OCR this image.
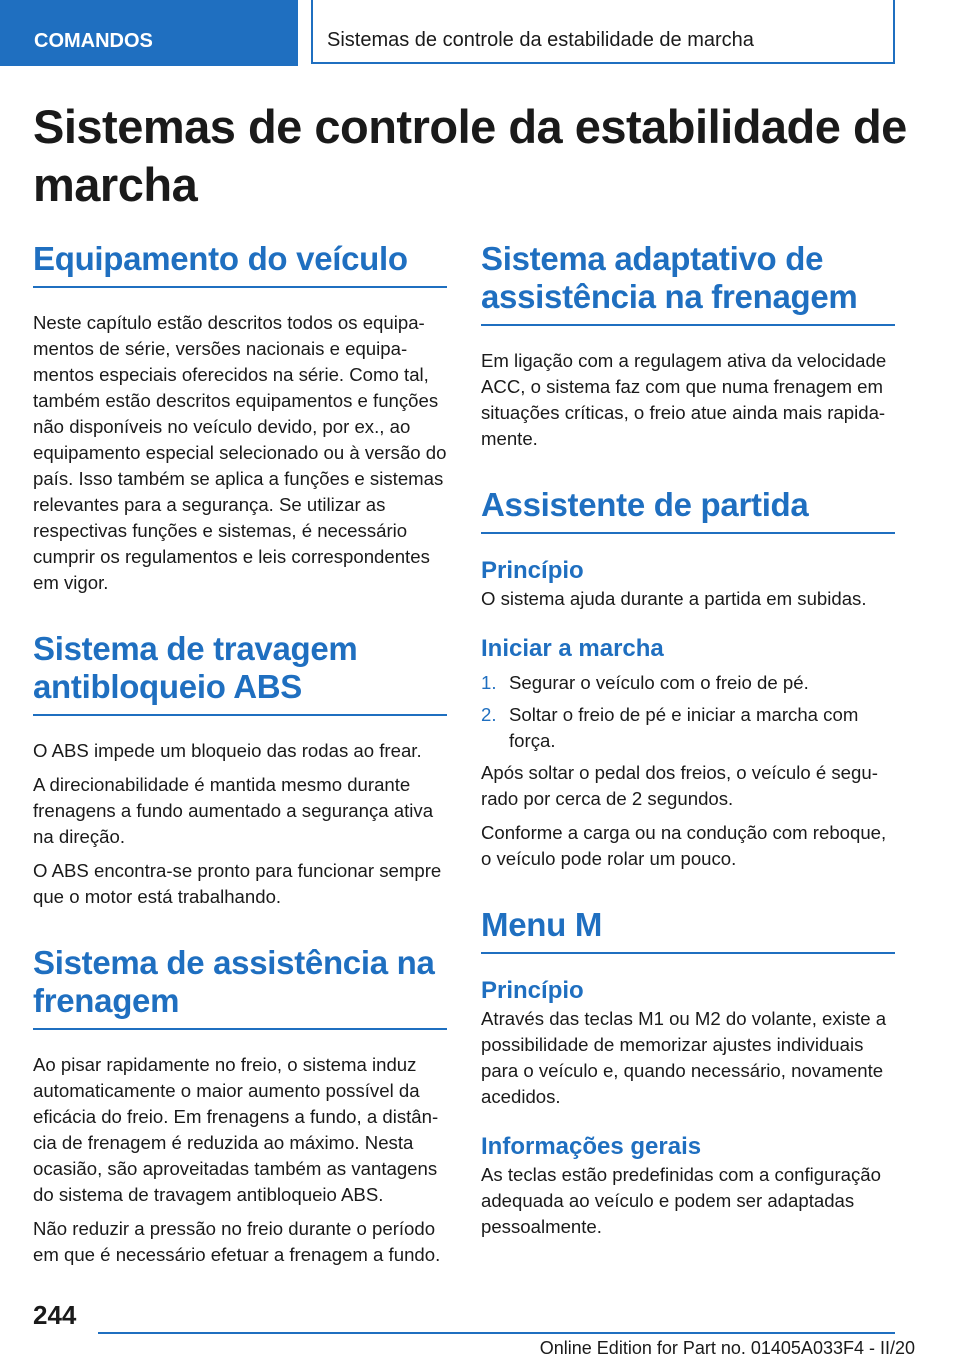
COMANDOS	Sistemas de controle da estabilidade de marcha
Sistemas de controle da estabilidade de marcha
Equipamento do veículo

Neste capítulo estão descritos todos os equipamentos de série, versões nacionais e equipamentos especiais oferecidos na série. Como tal, também estão descritos equipamentos e funções não disponíveis no veículo devido, por ex., ao equipamento especial selecionado ou à versão do país. Isso também se aplica a funções e sistemas relevantes para a segurança. Se utilizar as respectivas funções e sistemas, é necessário cumprir os regulamentos e leis correspondentes em vigor.

Sistema de travagem antibloqueio ABS

O ABS impede um bloqueio das rodas ao frear.

A direcionabilidade é mantida mesmo durante frenagens a fundo aumentado a segurança ativa na direção.

O ABS encontra-se pronto para funcionar sempre que o motor está trabalhando.

Sistema de assistência na frenagem

Ao pisar rapidamente no freio, o sistema induz automaticamente o maior aumento possível da eficácia do freio. Em frenagens a fundo, a distância de frenagem é reduzida ao máximo. Nesta ocasião, são aproveitadas também as vantagens do sistema de travagem antibloqueio ABS.

Não reduzir a pressão no freio durante o período em que é necessário efetuar a frenagem a fundo.

Sistema adaptativo de assistência na frenagem

Em ligação com a regulagem ativa da velocidade ACC, o sistema faz com que numa frenagem em situações críticas, o freio atue ainda mais rapidamente.

Assistente de partida
Princípio

O sistema ajuda durante a partida em subidas.

Iniciar a marcha
1. Segurar o veículo com o freio de pé.
2. Soltar o freio de pé e iniciar a marcha com força.

Após soltar o pedal dos freios, o veículo é segurado por cerca de 2 segundos.

Conforme a carga ou na condução com reboque, o veículo pode rolar um pouco.

Menu M
Princípio

Através das teclas M1 ou M2 do volante, existe a possibilidade de memorizar ajustes individuais para o veículo e, quando necessário, novamente acedidos.

Informações gerais

As teclas estão predefinidas com a configuração adequada ao veículo e podem ser adaptadas pessoalmente.

244
Online Edition for Part no. 01405A033F4 - II/20
